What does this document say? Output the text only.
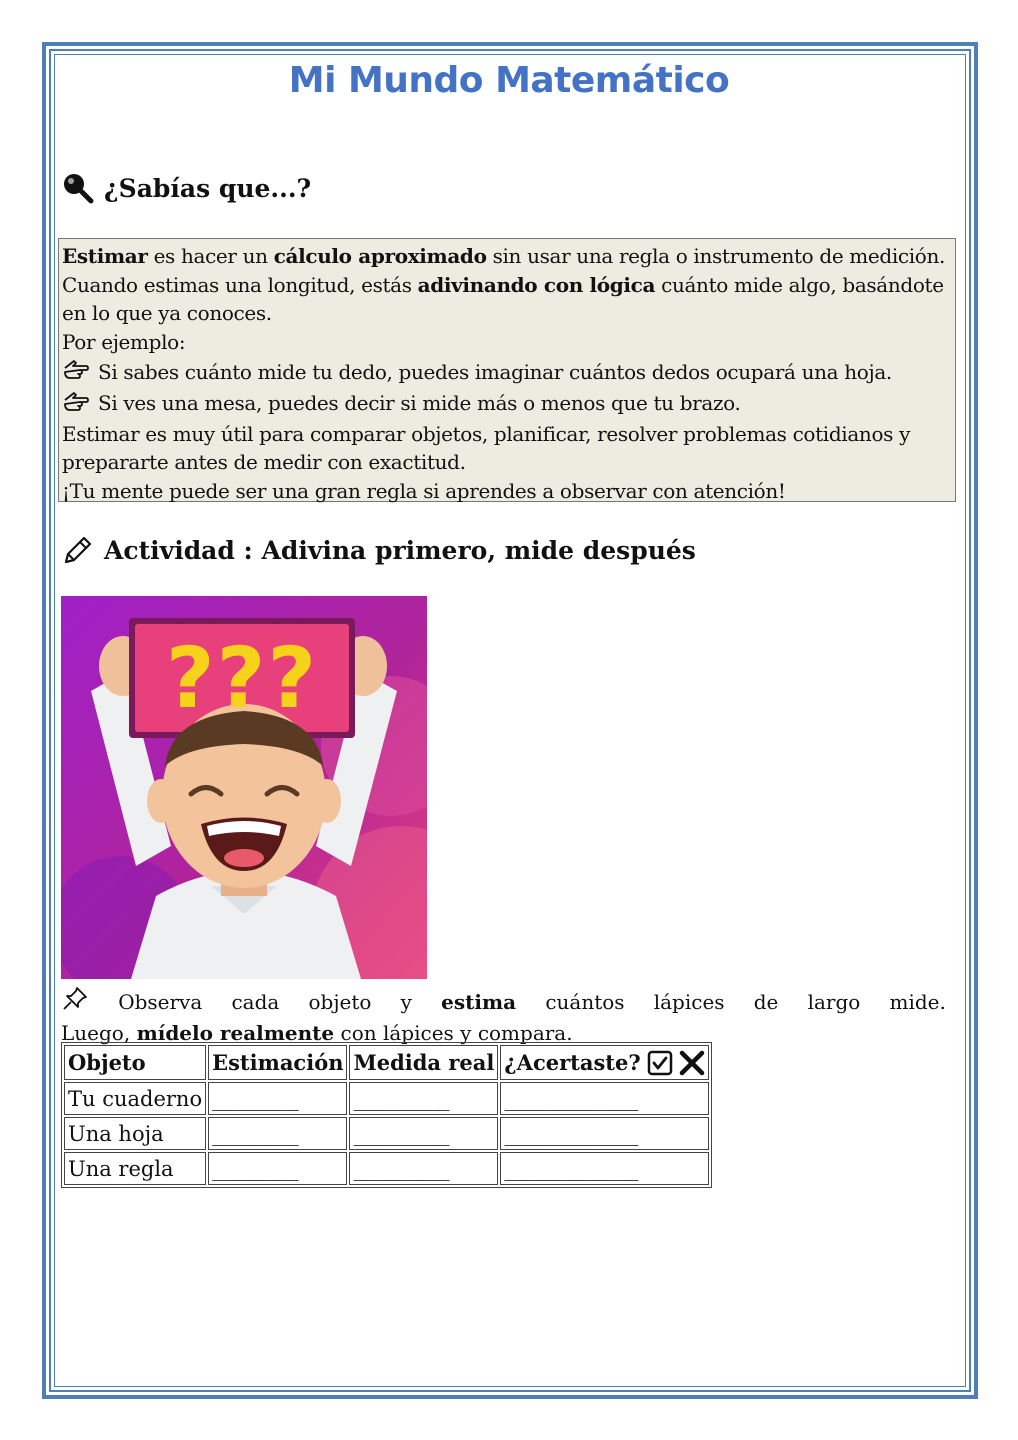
Mi Mundo Matemático
¿Sabías que...?

Estimar es hacer un cálculo aproximado sin usar una regla o instrumento de medición.

Cuando estimas una longitud, estás adivinando con lógica cuánto mide algo, basándote

en lo que ya conoces.

Por ejemplo:

Si sabes cuánto mide tu dedo, puedes imaginar cuántos dedos ocupará una hoja.

Si ves una mesa, puedes decir si mide más o menos que tu brazo.

Estimar es muy útil para comparar objetos, planificar, resolver problemas cotidianos y

prepararte antes de medir con exactitud.

¡Tu mente puede ser una gran regla si aprendes a observar con atención!

Actividad : Adivina primero, mide después
???
Observa cada objeto y estima cuántos lápices de largo mide.
Luego, mídelo realmente con lápices y compara.
Objeto	Estimación	Medida real	¿Acertaste?

Tu cuaderno	_________	__________	______________
Una hoja	_________	__________	______________
Una regla	_________	__________	______________
